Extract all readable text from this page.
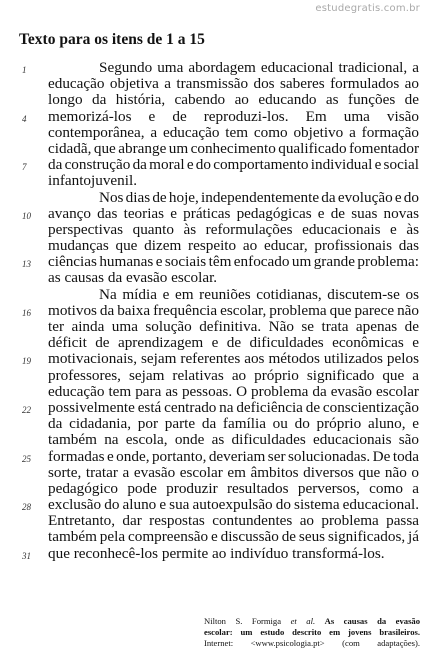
estudegratis.com.br
Texto para os itens de 1 a 15
1	Segundo uma abordagem educacional tradicional, a
educação objetiva a transmissão dos saberes formulados ao
longo da história, cabendo ao educando as funções de
4	memorizá-los e de reproduzi-los. Em uma visão
contemporânea, a educação tem como objetivo a formação
cidadã, que abrange um conhecimento qualificado fomentador
7	da construção da moral e do comportamento individual e social
infantojuvenil.
Nos dias de hoje, independentemente da evolução e do
10	avanço das teorias e práticas pedagógicas e de suas novas
perspectivas quanto às reformulações educacionais e às
mudanças que dizem respeito ao educar, profissionais das
13	ciências humanas e sociais têm enfocado um grande problema:
as causas da evasão escolar.
Na mídia e em reuniões cotidianas, discutem-se os
16	motivos da baixa frequência escolar, problema que parece não
ter ainda uma solução definitiva. Não se trata apenas de
déficit de aprendizagem e de dificuldades econômicas e
19	motivacionais, sejam referentes aos métodos utilizados pelos
professores, sejam relativas ao próprio significado que a
educação tem para as pessoas. O problema da evasão escolar
22	possivelmente está centrado na deficiência de conscientização
da cidadania, por parte da família ou do próprio aluno, e
também na escola, onde as dificuldades educacionais são
25	formadas e onde, portanto, deveriam ser solucionadas. De toda
sorte, tratar a evasão escolar em âmbitos diversos que não o
pedagógico pode produzir resultados perversos, como a
28	exclusão do aluno e sua autoexpulsão do sistema educacional.
Entretanto, dar respostas contundentes ao problema passa
também pela compreensão e discussão de seus significados, já
31	que reconhecê-los permite ao indivíduo transformá-los.
Nilton S. Formiga et al. As causas da evasão
escolar: um estudo descrito em jovens brasileiros.
Internet: <www.psicologia.pt> (com adaptações).
